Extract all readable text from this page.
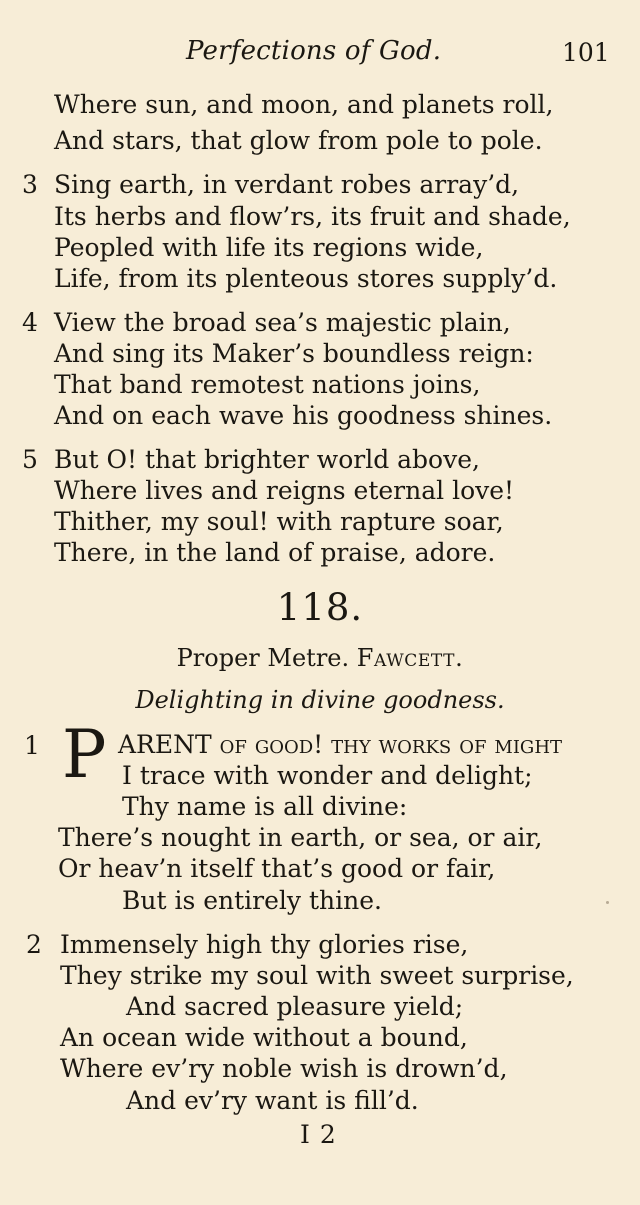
Perfections of God.	101
Where sun, and moon, and planets roll,
And stars, that glow from pole to pole.
3 Sing earth, in verdant robes array’d,
Its herbs and flow’rs, its fruit and shade,
Peopled with life its regions wide,
Life, from its plenteous stores supply’d.
4 View the broad sea’s majestic plain,
And sing its Maker’s boundless reign:
That band remotest nations joins,
And on each wave his goodness shines.
5 But O! that brighter world above,
Where lives and reigns eternal love!
Thither, my soul! with rapture soar,
There, in the land of praise, adore.
118.
Proper Metre. Fawcett.
Delighting in divine goodness.
1 P ARENT of good! thy works of might
I trace with wonder and delight;
Thy name is all divine:
There’s nought in earth, or sea, or air,
Or heav’n itself that’s good or fair,
But is entirely thine.
2 Immensely high thy glories rise,
They strike my soul with sweet surprise,
And sacred pleasure yield;
An ocean wide without a bound,
Where ev’ry noble wish is drown’d,
And ev’ry want is fill’d.
I 2
